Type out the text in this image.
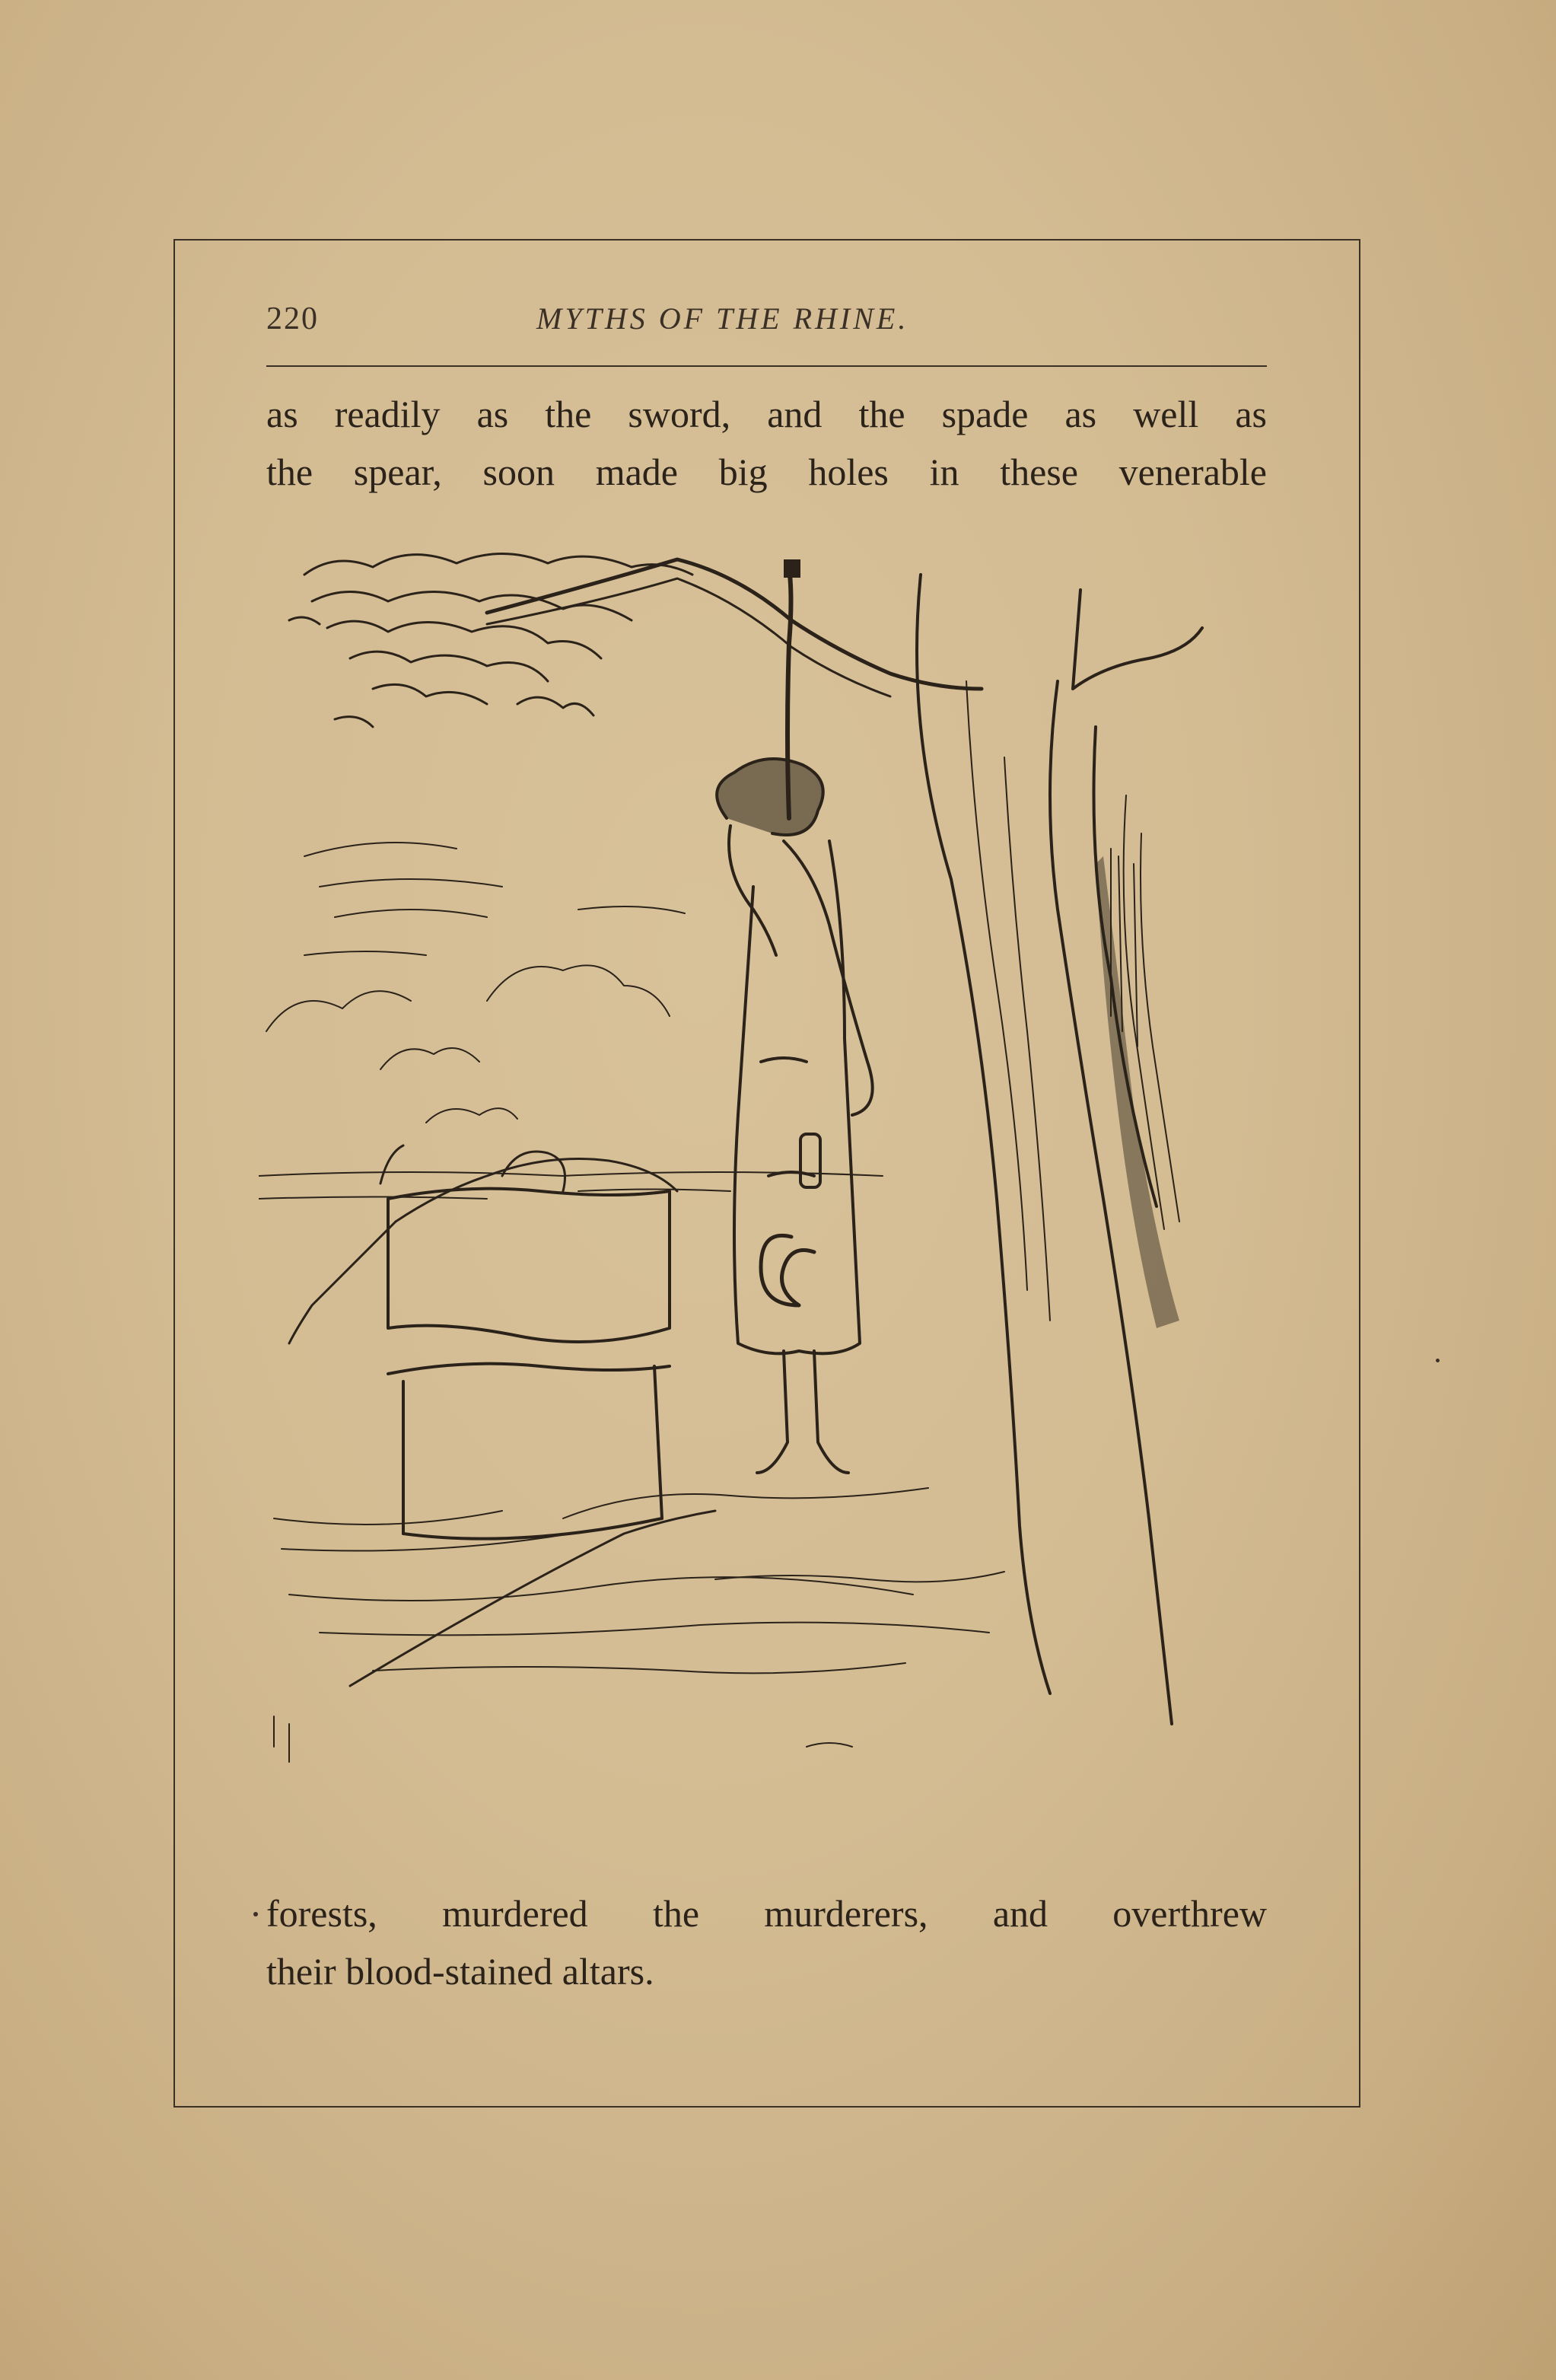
220	MYTHS OF THE RHINE.
as readily as the sword, and the spade as well as
the spear, soon made big holes in these venerable
forests, murdered the murderers, and overthrew
their blood-stained altars.
